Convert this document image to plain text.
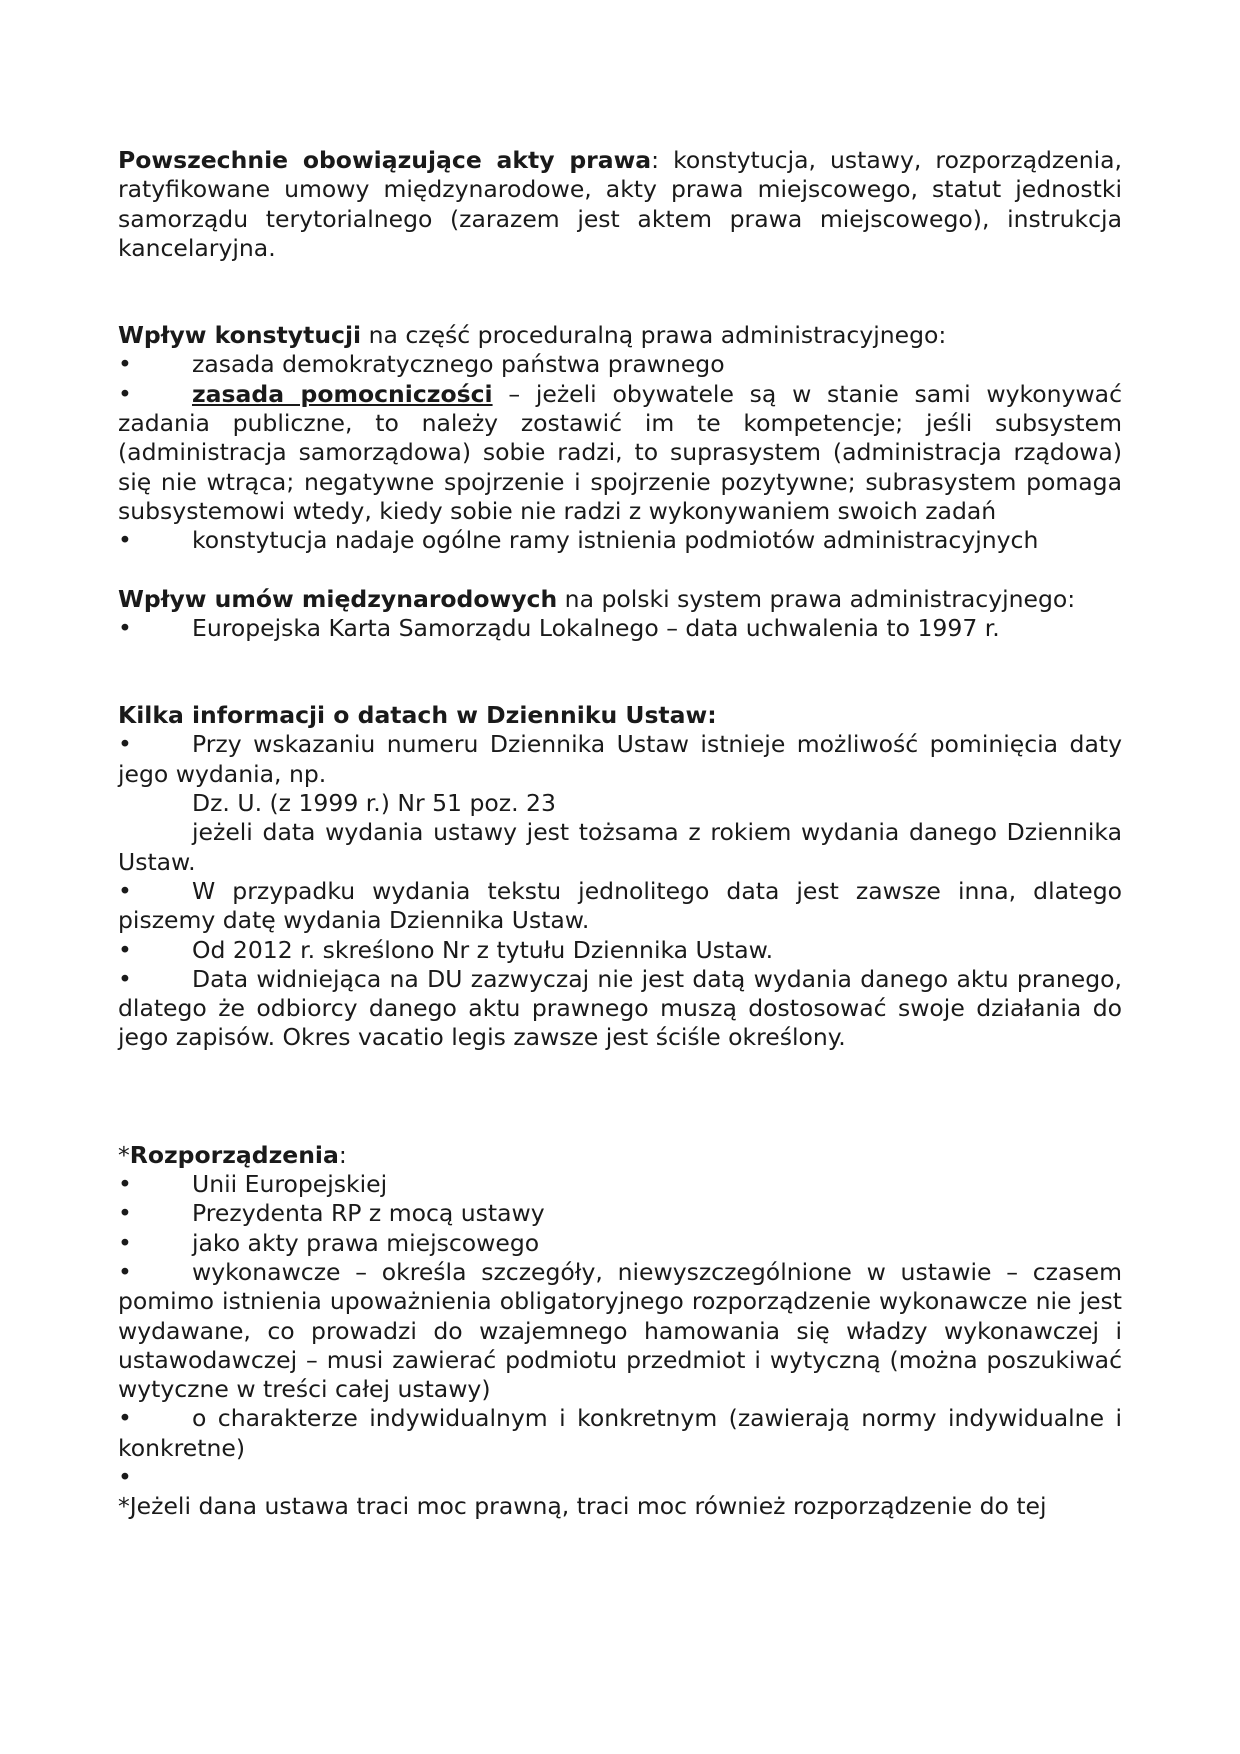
Powszechnie obowiązujące akty prawa: konstytucja, ustawy, rozporządzenia, ratyfikowane umowy międzynarodowe, akty prawa miejscowego, statut jednostki samorządu terytorialnego (zarazem jest aktem prawa miejscowego), instrukcja kancelaryjna.

Wpływ konstytucji na część proceduralną prawa administracyjnego:

•	zasada demokratycznego państwa prawnego

•	zasada pomocniczości – jeżeli obywatele są w stanie sami wykonywać zadania publiczne, to należy zostawić im te kompetencje; jeśli subsystem (administracja samorządowa) sobie radzi, to suprasystem (administracja rządowa) się nie wtrąca; negatywne spojrzenie i spojrzenie pozytywne; subrasystem pomaga subsystemowi wtedy, kiedy sobie nie radzi z wykonywaniem swoich zadań

•	konstytucja nadaje ogólne ramy istnienia podmiotów administracyjnych

Wpływ umów międzynarodowych na polski system prawa administracyjnego:

•	Europejska Karta Samorządu Lokalnego – data uchwalenia to 1997 r.

Kilka informacji o datach w Dzienniku Ustaw:

•	Przy wskazaniu numeru Dziennika Ustaw istnieje możliwość pominięcia daty jego wydania, np.

Dz. U. (z 1999 r.) Nr 51 poz. 23

jeżeli data wydania ustawy jest tożsama z rokiem wydania danego Dziennika Ustaw.

•	W przypadku wydania tekstu jednolitego data jest zawsze inna, dlatego piszemy datę wydania Dziennika Ustaw.

•	Od 2012 r. skreślono Nr z tytułu Dziennika Ustaw.

•	Data widniejąca na DU zazwyczaj nie jest datą wydania danego aktu pranego, dlatego że odbiorcy danego aktu prawnego muszą dostosować swoje działania do jego zapisów. Okres vacatio legis zawsze jest ściśle określony.

*Rozporządzenia:

•	Unii Europejskiej

•	Prezydenta RP z mocą ustawy

•	jako akty prawa miejscowego

•	wykonawcze – określa szczegóły, niewyszczególnione w ustawie – czasem pomimo istnienia upoważnienia obligatoryjnego rozporządzenie wykonawcze nie jest wydawane, co prowadzi do wzajemnego hamowania się władzy wykonawczej i ustawodawczej – musi zawierać podmiotu przedmiot i wytyczną (można poszukiwać wytyczne w treści całej ustawy)

•	o charakterze indywidualnym i konkretnym (zawierają normy indywidualne i konkretne)

•

*Jeżeli dana ustawa traci moc prawną, traci moc również rozporządzenie do tej
